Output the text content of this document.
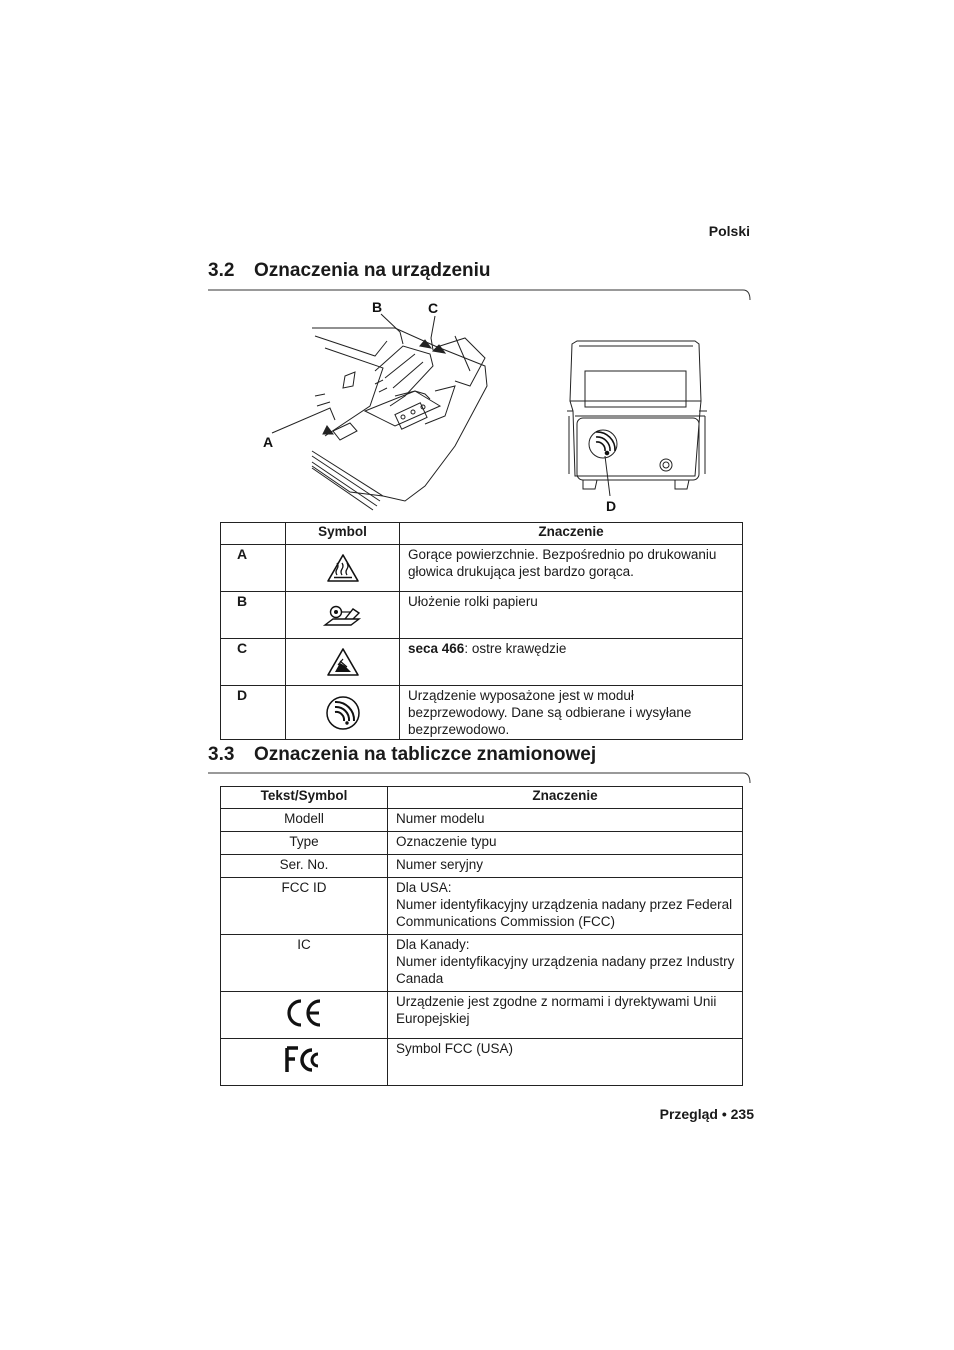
Polski
3.2 Oznaczenia na urządzeniu
A
B	C
D
	Symbol	Znaczenie
A		Gorące powierzchnie. Bezpośrednio po drukowaniu głowica drukująca jest bardzo gorąca.
B		Ułożenie rolki papieru
C		seca 466: ostre krawędzie
D		Urządzenie wyposażone jest w moduł bezprzewodowy. Dane są odbierane i wysyłane bezprzewodowo.
3.3 Oznaczenia na tabliczce znamionowej
Tekst/Symbol	Znaczenie
Modell	Numer modelu
Type	Oznaczenie typu
Ser. No.	Numer seryjny
FCC ID	Dla USA:
Numer identyfikacyjny urządzenia nadany przez Federal Communications Commission (FCC)

IC	Dla Kanady:
Numer identyfikacyjny urządzenia nadany przez Industry Canada

	Urządzenie jest zgodne z normami i dyrektywami Unii Europejskiej
	Symbol FCC (USA)
Przegląd • 235
